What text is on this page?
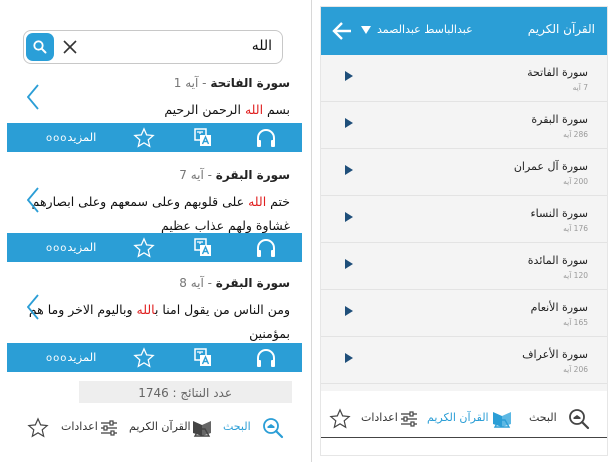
الله
سورة الفاتحة - آيه 1
بسم الله الرحمن الرحيم
المزيدooo
سورة البقرة - آيه 7
ختم الله على قلوبهم وعلى سمعهم وعلى ابصارهم غشاوة ولهم عذاب عظيم
المزيدooo
سورة البقرة - آيه 8
ومن الناس من يقول امنا بالله وباليوم الاخر وما هم بمؤمنين
المزيدooo
عدد النتائج : 1746
البحث
القرآن الكريم
اعدادات
عبدالباسط عبدالصمد	القرآن الكريم
سورة الفاتحة
7 آيه
سورة البقرة
286 آيه
سورة آل عمران
200 آيه
سورة النساء
176 آيه
سورة المائدة
120 آيه
سورة الأنعام
165 آيه
سورة الأعراف
206 آيه
البحث
القرآن الكريم
اعدادات
